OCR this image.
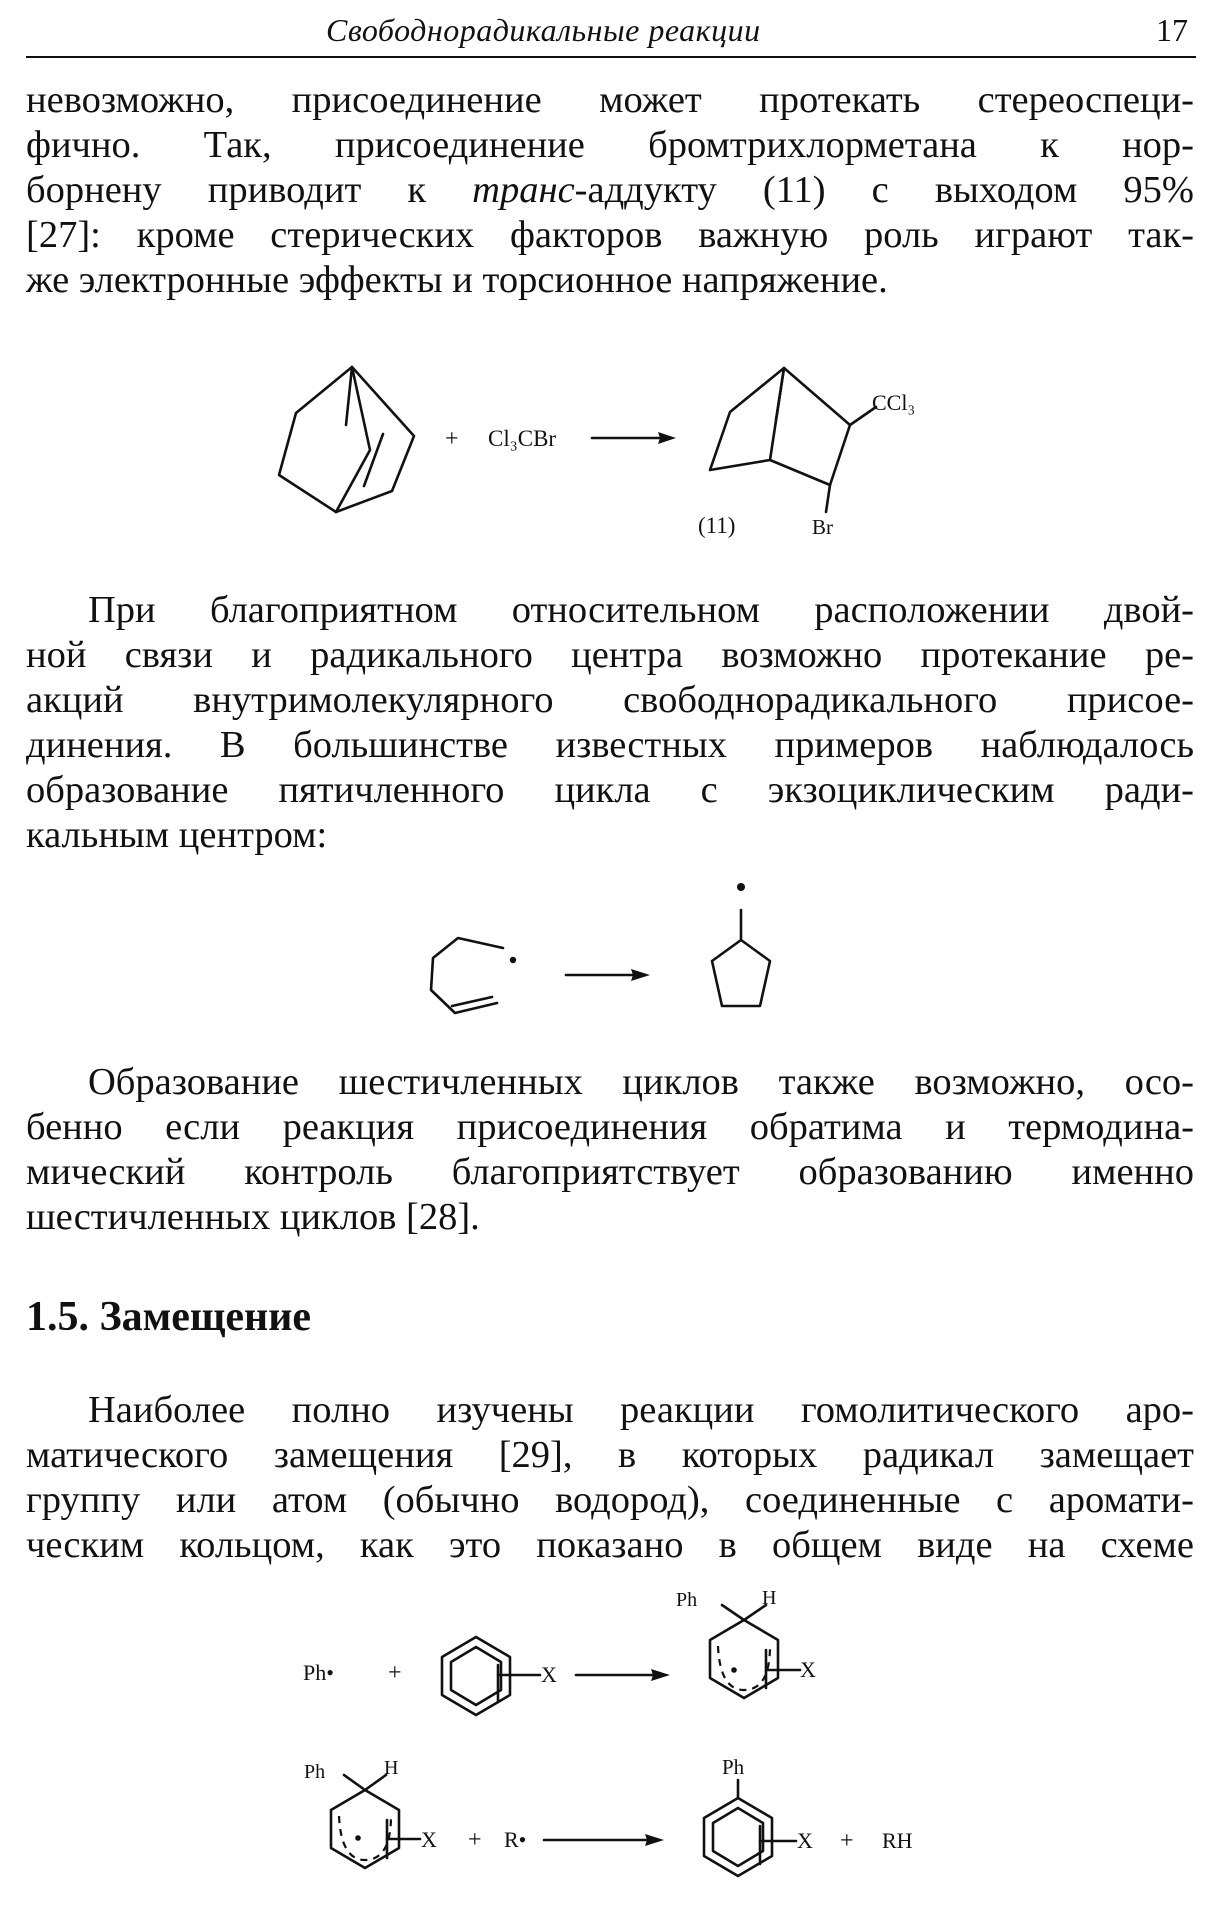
Свободнорадикальные реакции	17
невозможно, присоединение может протекать стереоспеци-
фично. Так, присоединение бромтрихлорметана к нор-
борнену приводит к транс-аддукту (11) с выходом 95%
[27]: кроме стерических факторов важную роль играют так-
же электронные эффекты и торсионное напряжение.
+ Cl₃CBr
CCl₃
Br
(11)
При благоприятном относительном расположении двой-
ной связи и радикального центра возможно протекание ре-
акций внутримолекулярного свободнорадикального присое-
динения. В большинстве известных примеров наблюдалось
образование пятичленного цикла с экзоциклическим ради-
кальным центром:
Образование шестичленных циклов также возможно, осо-
бенно если реакция присоединения обратима и термодина-
мический контроль благоприятствует образованию именно
шестичленных циклов [28].
1.5. Замещение
Наиболее полно изучены реакции гомолитического аро-
матического замещения [29], в которых радикал замещает
группу или атом (обычно водород), соединенные с аромати-
ческим кольцом, как это показано в общем виде на схеме
Ph• +	X
Ph	H
X
Ph	H
X + R•
Ph
X + RH
